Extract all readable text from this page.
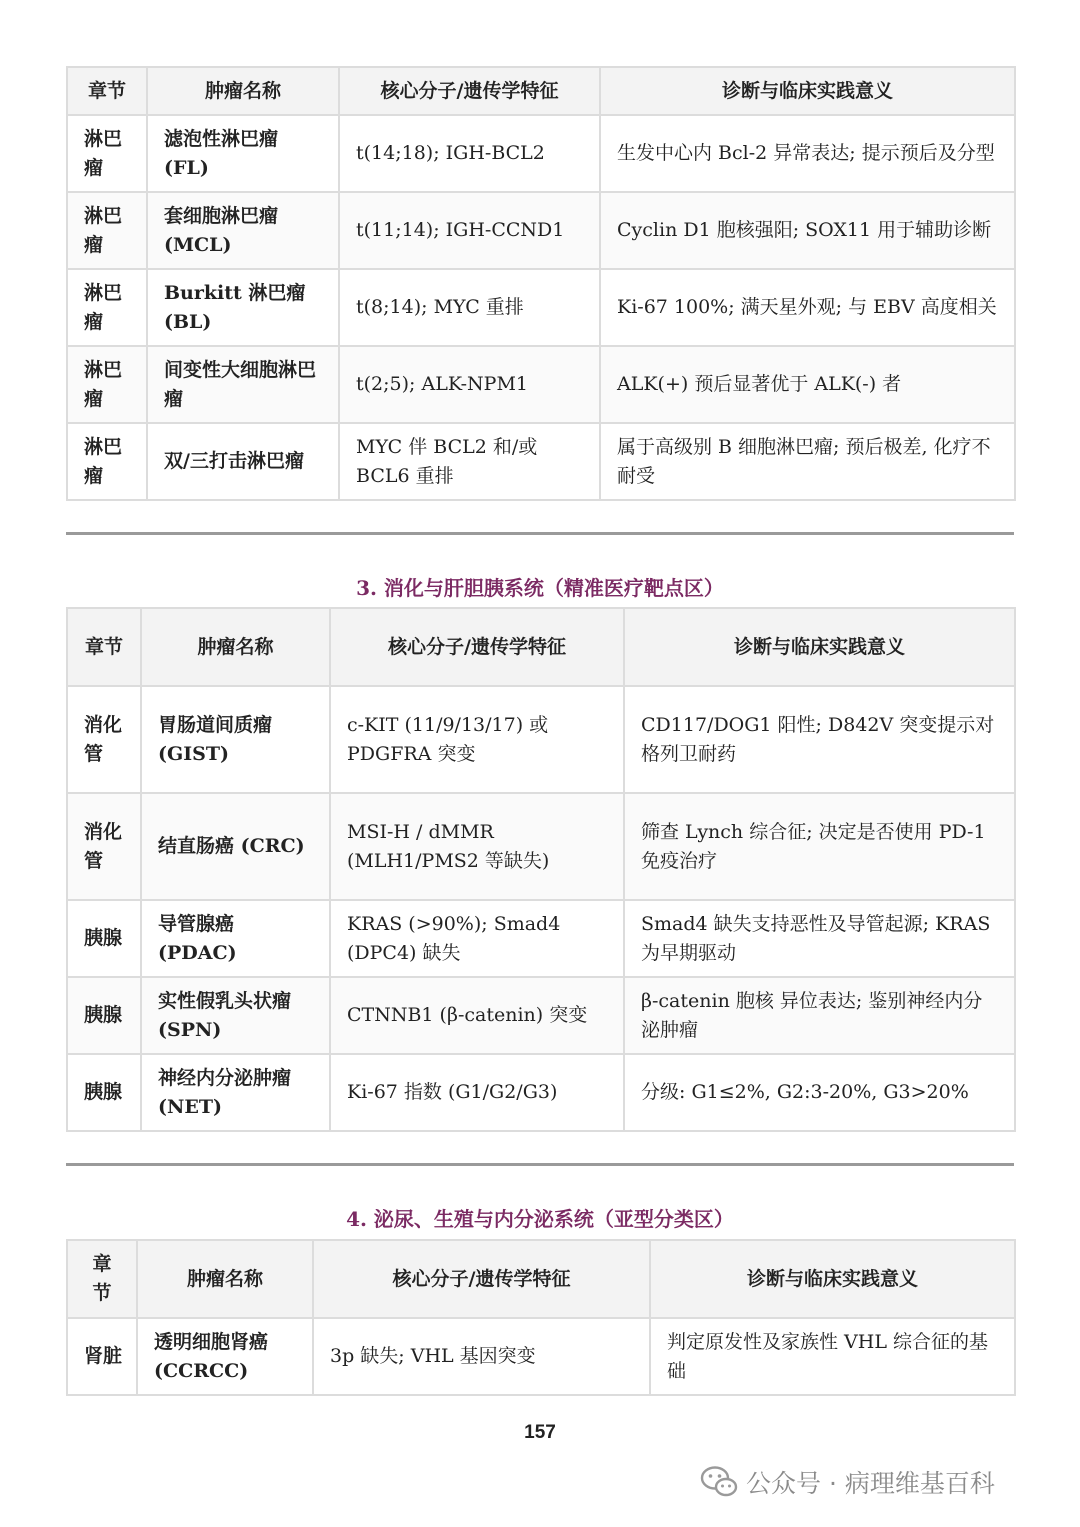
章节	肿瘤名称	核心分子/遗传学特征	诊断与临床实践意义
淋巴瘤	滤泡性淋巴瘤 (FL)	t(14;18); IGH-BCL2	生发中心内 Bcl-2 异常表达; 提示预后及分型
淋巴瘤	套细胞淋巴瘤 (MCL)	t(11;14); IGH-CCND1	Cyclin D1 胞核强阳; SOX11 用于辅助诊断
淋巴瘤	Burkitt 淋巴瘤 (BL)	t(8;14); MYC 重排	Ki-67 100%; 满天星外观; 与 EBV 高度相关
淋巴瘤	间变性大细胞淋巴瘤	t(2;5); ALK-NPM1	ALK(+) 预后显著优于 ALK(-) 者
淋巴瘤	双/三打击淋巴瘤	MYC 伴 BCL2 和/或 BCL6 重排	属于高级别 B 细胞淋巴瘤; 预后极差, 化疗不耐受
3. 消化与肝胆胰系统（精准医疗靶点区）
章节	肿瘤名称	核心分子/遗传学特征	诊断与临床实践意义
消化管	胃肠道间质瘤 (GIST)	c-KIT (11/9/13/17) 或 PDGFRA 突变	CD117/DOG1 阳性; D842V 突变提示对格列卫耐药
消化管	结直肠癌 (CRC)	MSI-H / dMMR (MLH1/PMS2 等缺失)	筛查 Lynch 综合征; 决定是否使用 PD-1 免疫治疗
胰腺	导管腺癌 (PDAC)	KRAS (>90%); Smad4 (DPC4) 缺失	Smad4 缺失支持恶性及导管起源; KRAS 为早期驱动
胰腺	实性假乳头状瘤 (SPN)	CTNNB1 (β-catenin) 突变	β-catenin 胞核 异位表达; 鉴别神经内分泌肿瘤
胰腺	神经内分泌肿瘤 (NET)	Ki-67 指数 (G1/G2/G3)	分级: G1≤2%, G2:3-20%, G3>20%
4. 泌尿、生殖与内分泌系统（亚型分类区）
章节	肿瘤名称	核心分子/遗传学特征	诊断与临床实践意义
肾脏	透明细胞肾癌 (CCRCC)	3p 缺失; VHL 基因突变	判定原发性及家族性 VHL 综合征的基础
157
公众号 · 病理维基百科
